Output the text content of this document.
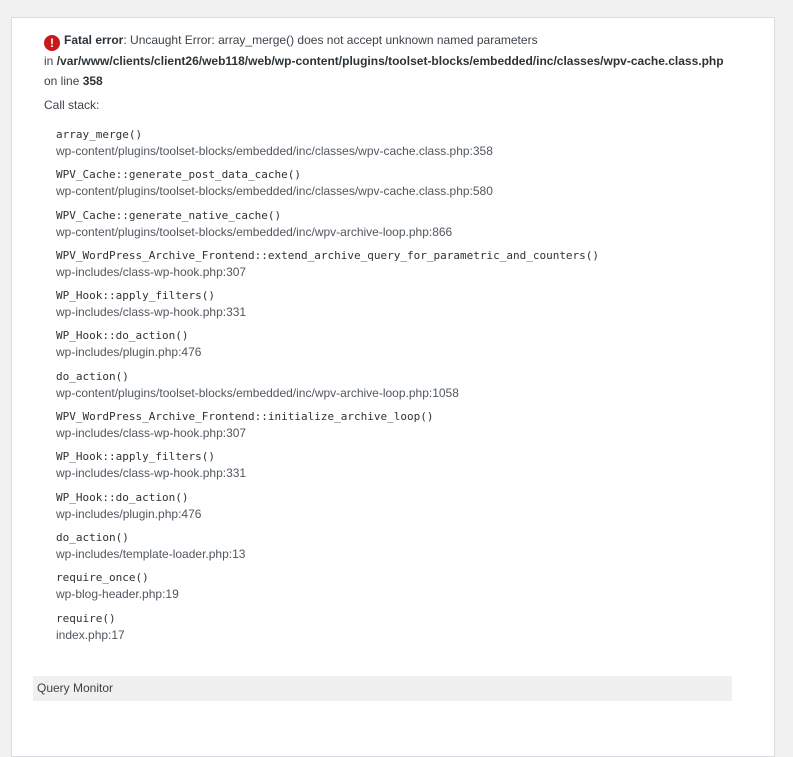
! Fatal error: Uncaught Error: array_merge() does not accept unknown named parameters
in /var/www/clients/client26/web118/web/wp-content/plugins/toolset-blocks/embedded/inc/classes/wpv-cache.class.php on line 358
Call stack:
array_merge()
wp-content/plugins/toolset-blocks/embedded/inc/classes/wpv-cache.class.php:358
WPV_Cache::generate_post_data_cache()
wp-content/plugins/toolset-blocks/embedded/inc/classes/wpv-cache.class.php:580
WPV_Cache::generate_native_cache()
wp-content/plugins/toolset-blocks/embedded/inc/wpv-archive-loop.php:866
WPV_WordPress_Archive_Frontend::extend_archive_query_for_parametric_and_counters()
wp-includes/class-wp-hook.php:307
WP_Hook::apply_filters()
wp-includes/class-wp-hook.php:331
WP_Hook::do_action()
wp-includes/plugin.php:476
do_action()
wp-content/plugins/toolset-blocks/embedded/inc/wpv-archive-loop.php:1058
WPV_WordPress_Archive_Frontend::initialize_archive_loop()
wp-includes/class-wp-hook.php:307
WP_Hook::apply_filters()
wp-includes/class-wp-hook.php:331
WP_Hook::do_action()
wp-includes/plugin.php:476
do_action()
wp-includes/template-loader.php:13
require_once()
wp-blog-header.php:19
require()
index.php:17
Query Monitor
